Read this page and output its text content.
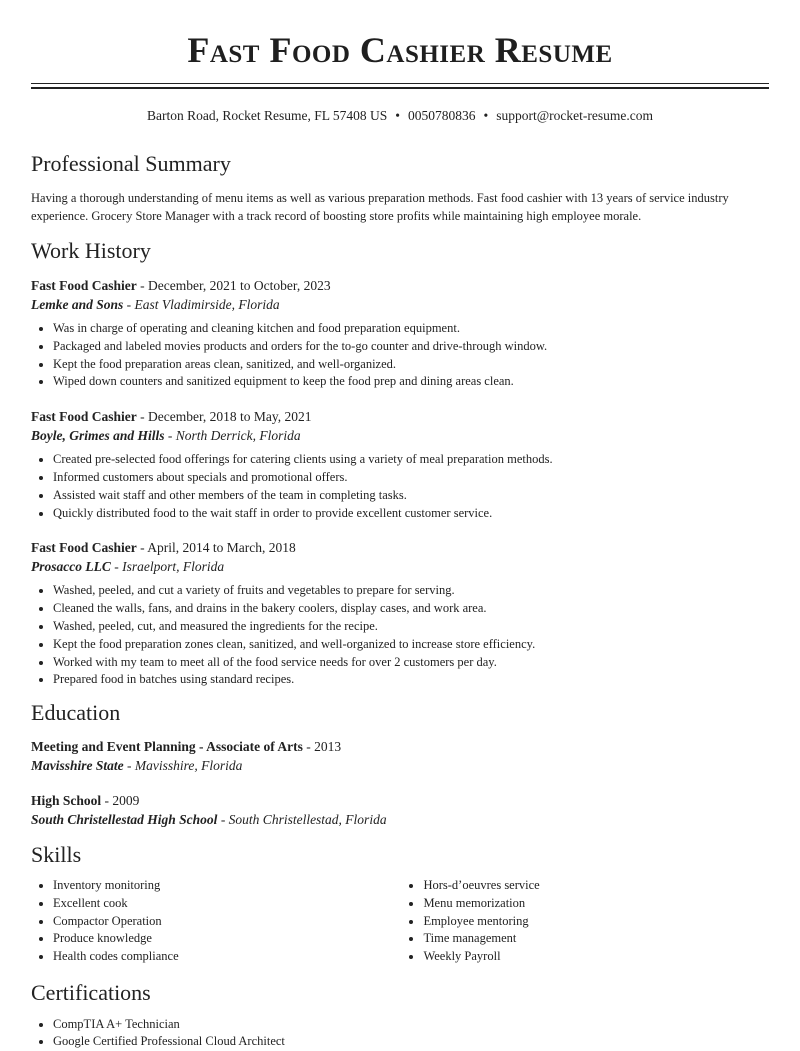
Fast Food Cashier Resume
Barton Road, Rocket Resume, FL 57408 US • 0050780836 • support@rocket-resume.com
Professional Summary
Having a thorough understanding of menu items as well as various preparation methods. Fast food cashier with 13 years of service industry experience. Grocery Store Manager with a track record of boosting store profits while maintaining high employee morale.
Work History
Fast Food Cashier - December, 2021 to October, 2023
Lemke and Sons - East Vladimirside, Florida
• Was in charge of operating and cleaning kitchen and food preparation equipment.
• Packaged and labeled movies products and orders for the to-go counter and drive-through window.
• Kept the food preparation areas clean, sanitized, and well-organized.
• Wiped down counters and sanitized equipment to keep the food prep and dining areas clean.
Fast Food Cashier - December, 2018 to May, 2021
Boyle, Grimes and Hills - North Derrick, Florida
• Created pre-selected food offerings for catering clients using a variety of meal preparation methods.
• Informed customers about specials and promotional offers.
• Assisted wait staff and other members of the team in completing tasks.
• Quickly distributed food to the wait staff in order to provide excellent customer service.
Fast Food Cashier - April, 2014 to March, 2018
Prosacco LLC - Israelport, Florida
• Washed, peeled, and cut a variety of fruits and vegetables to prepare for serving.
• Cleaned the walls, fans, and drains in the bakery coolers, display cases, and work area.
• Washed, peeled, cut, and measured the ingredients for the recipe.
• Kept the food preparation zones clean, sanitized, and well-organized to increase store efficiency.
• Worked with my team to meet all of the food service needs for over 2 customers per day.
• Prepared food in batches using standard recipes.
Education
Meeting and Event Planning - Associate of Arts - 2013
Mavisshire State - Mavisshire, Florida
High School - 2009
South Christellestad High School - South Christellestad, Florida
Skills
• Inventory monitoring
• Excellent cook
• Compactor Operation
• Produce knowledge
• Health codes compliance
• Hors-d’oeuvres service
• Menu memorization
• Employee mentoring
• Time management
• Weekly Payroll
Certifications
• CompTIA A+ Technician
• Google Certified Professional Cloud Architect
